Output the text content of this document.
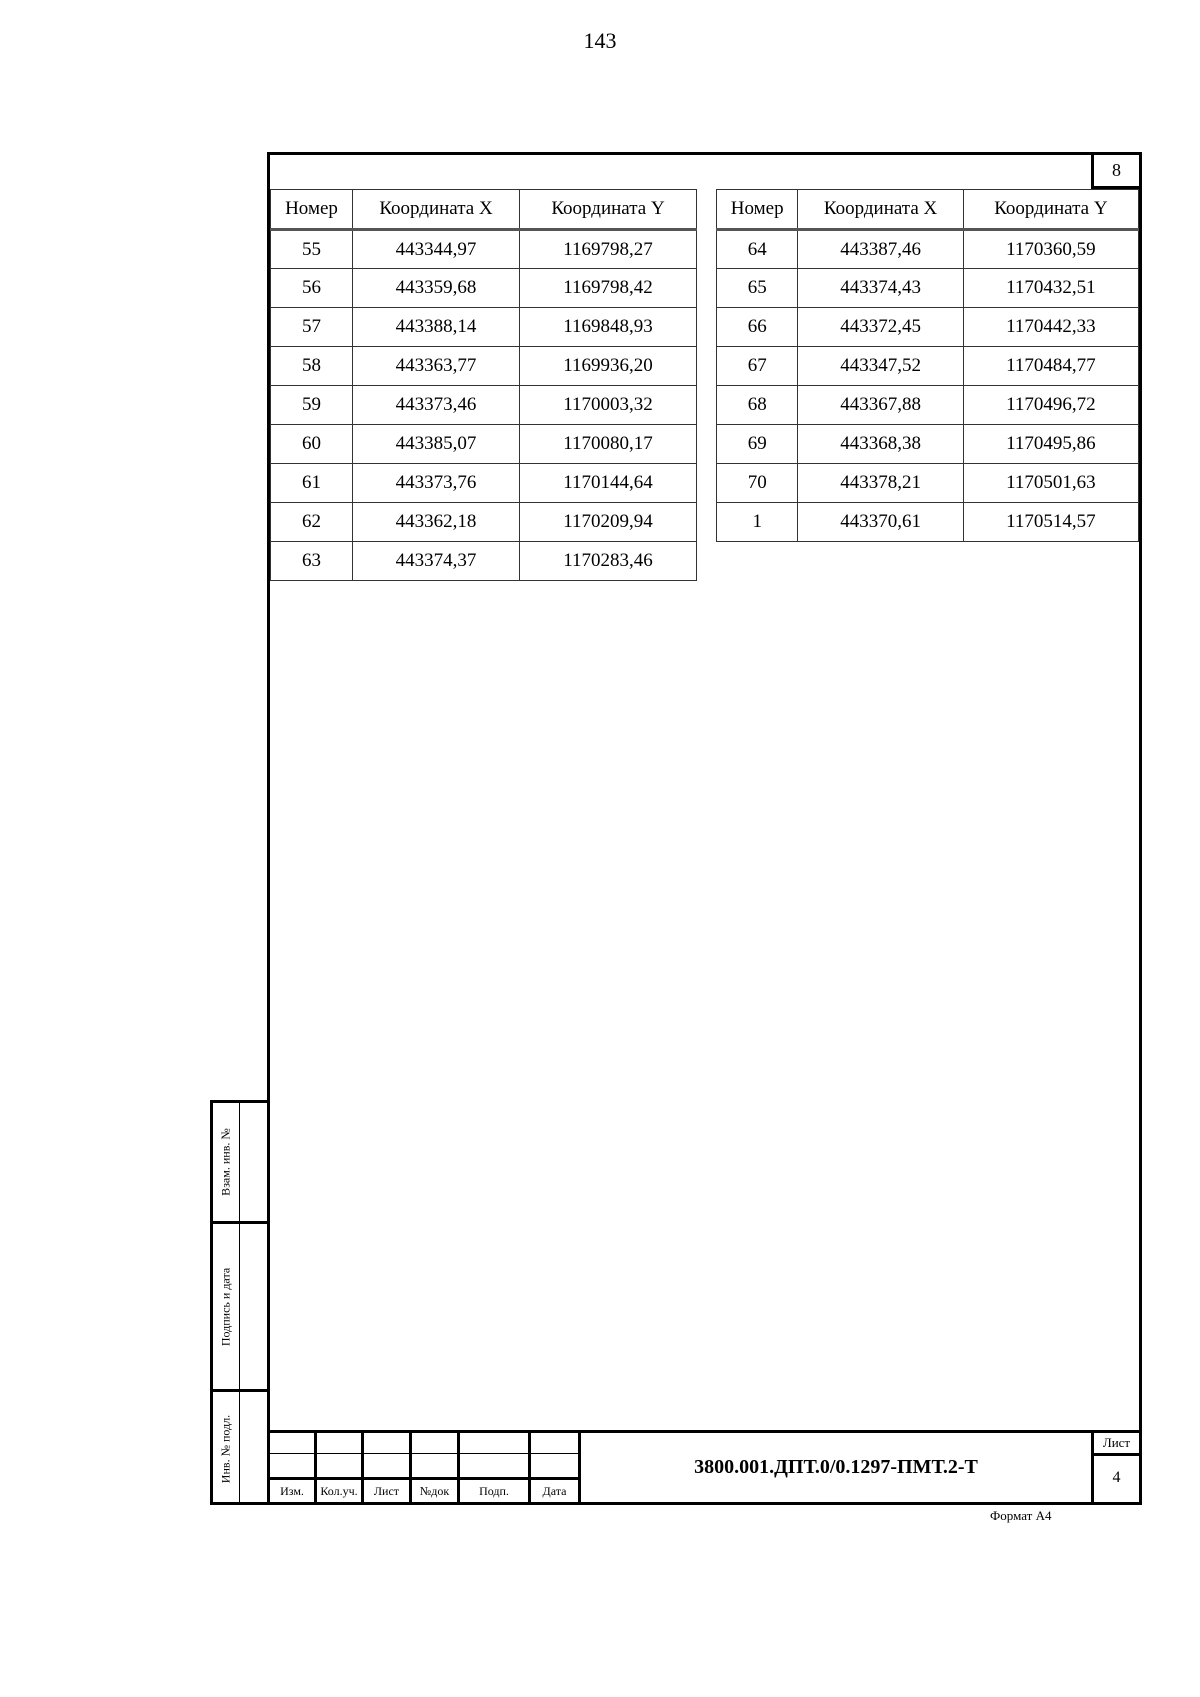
143
8
Номер	Координата X	Координата Y
55	443344,97	1169798,27
56	443359,68	1169798,42
57	443388,14	1169848,93
58	443363,77	1169936,20
59	443373,46	1170003,32
60	443385,07	1170080,17
61	443373,76	1170144,64
62	443362,18	1170209,94
63	443374,37	1170283,46
Номер	Координата X	Координата Y
64	443387,46	1170360,59
65	443374,43	1170432,51
66	443372,45	1170442,33
67	443347,52	1170484,77
68	443367,88	1170496,72
69	443368,38	1170495,86
70	443378,21	1170501,63
1	443370,61	1170514,57
Изм.	Кол.уч.	Лист	№док	Подп.	Дата
3800.001.ДПТ.0/0.1297-ПМТ.2-Т
Лист
4
Взам. инв. №
Подпись и дата
Инв. № подл.
Формат А4
